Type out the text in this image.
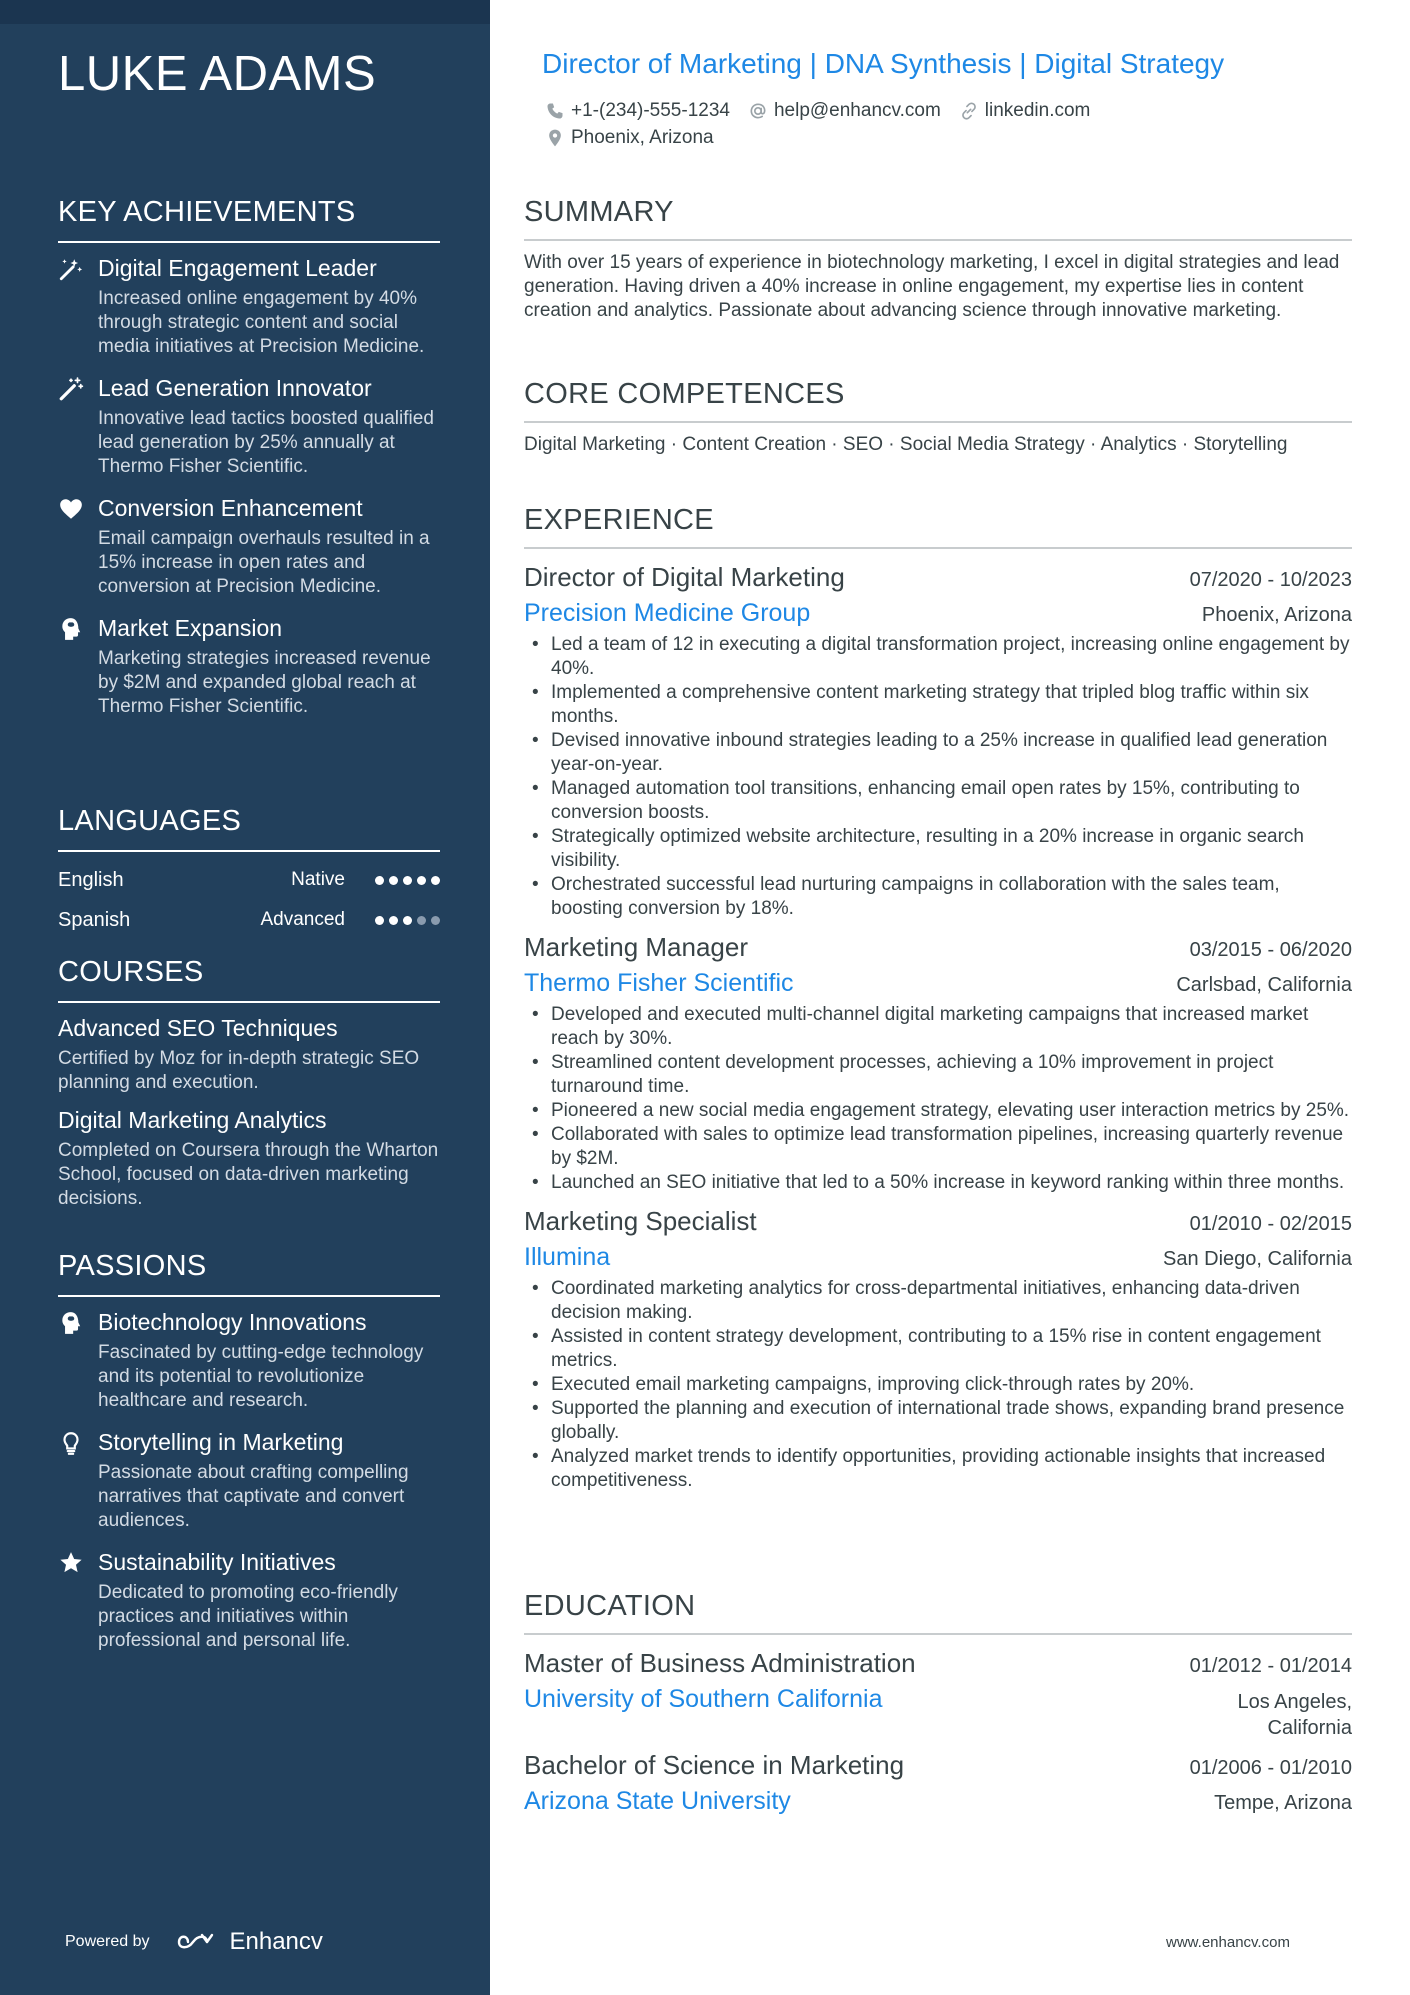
LUKE ADAMS
KEY ACHIEVEMENTS
Digital Engagement Leader
Increased online engagement by 40% through strategic content and social media initiatives at Precision Medicine.
Lead Generation Innovator
Innovative lead tactics boosted qualified lead generation by 25% annually at Thermo Fisher Scientific.
Conversion Enhancement
Email campaign overhauls resulted in a 15% increase in open rates and conversion at Precision Medicine.
Market Expansion
Marketing strategies increased revenue by $2M and expanded global reach at Thermo Fisher Scientific.
LANGUAGES
English	Native
Spanish	Advanced
COURSES
Advanced SEO Techniques
Certified by Moz for in-depth strategic SEO planning and execution.
Digital Marketing Analytics
Completed on Coursera through the Wharton School, focused on data-driven marketing decisions.
PASSIONS
Biotechnology Innovations
Fascinated by cutting-edge technology and its potential to revolutionize healthcare and research.
Storytelling in Marketing
Passionate about crafting compelling narratives that captivate and convert audiences.
Sustainability Initiatives
Dedicated to promoting eco-friendly practices and initiatives within professional and personal life.
Powered by	Enhancv
Director of Marketing | DNA Synthesis | Digital Strategy
+1-(234)-555-1234 help@enhancv.com linkedin.com
Phoenix, Arizona
SUMMARY
With over 15 years of experience in biotechnology marketing, I excel in digital strategies and lead generation. Having driven a 40% increase in online engagement, my expertise lies in content creation and analytics. Passionate about advancing science through innovative marketing.
CORE COMPETENCES
Digital Marketing · Content Creation · SEO · Social Media Strategy · Analytics · Storytelling
EXPERIENCE
Director of Digital Marketing	07/2020 - 10/2023
Precision Medicine Group	Phoenix, Arizona
• Led a team of 12 in executing a digital transformation project, increasing online engagement by 40%.
• Implemented a comprehensive content marketing strategy that tripled blog traffic within six months.
• Devised innovative inbound strategies leading to a 25% increase in qualified lead generation year-on-year.
• Managed automation tool transitions, enhancing email open rates by 15%, contributing to conversion boosts.
• Strategically optimized website architecture, resulting in a 20% increase in organic search visibility.
• Orchestrated successful lead nurturing campaigns in collaboration with the sales team, boosting conversion by 18%.
Marketing Manager	03/2015 - 06/2020
Thermo Fisher Scientific	Carlsbad, California
• Developed and executed multi-channel digital marketing campaigns that increased market reach by 30%.
• Streamlined content development processes, achieving a 10% improvement in project turnaround time.
• Pioneered a new social media engagement strategy, elevating user interaction metrics by 25%.
• Collaborated with sales to optimize lead transformation pipelines, increasing quarterly revenue by $2M.
• Launched an SEO initiative that led to a 50% increase in keyword ranking within three months.
Marketing Specialist	01/2010 - 02/2015
Illumina	San Diego, California
• Coordinated marketing analytics for cross-departmental initiatives, enhancing data-driven decision making.
• Assisted in content strategy development, contributing to a 15% rise in content engagement metrics.
• Executed email marketing campaigns, improving click-through rates by 20%.
• Supported the planning and execution of international trade shows, expanding brand presence globally.
• Analyzed market trends to identify opportunities, providing actionable insights that increased competitiveness.
EDUCATION
Master of Business Administration	01/2012 - 01/2014
University of Southern California	Los Angeles, California
Bachelor of Science in Marketing	01/2006 - 01/2010
Arizona State University	Tempe, Arizona
www.enhancv.com
